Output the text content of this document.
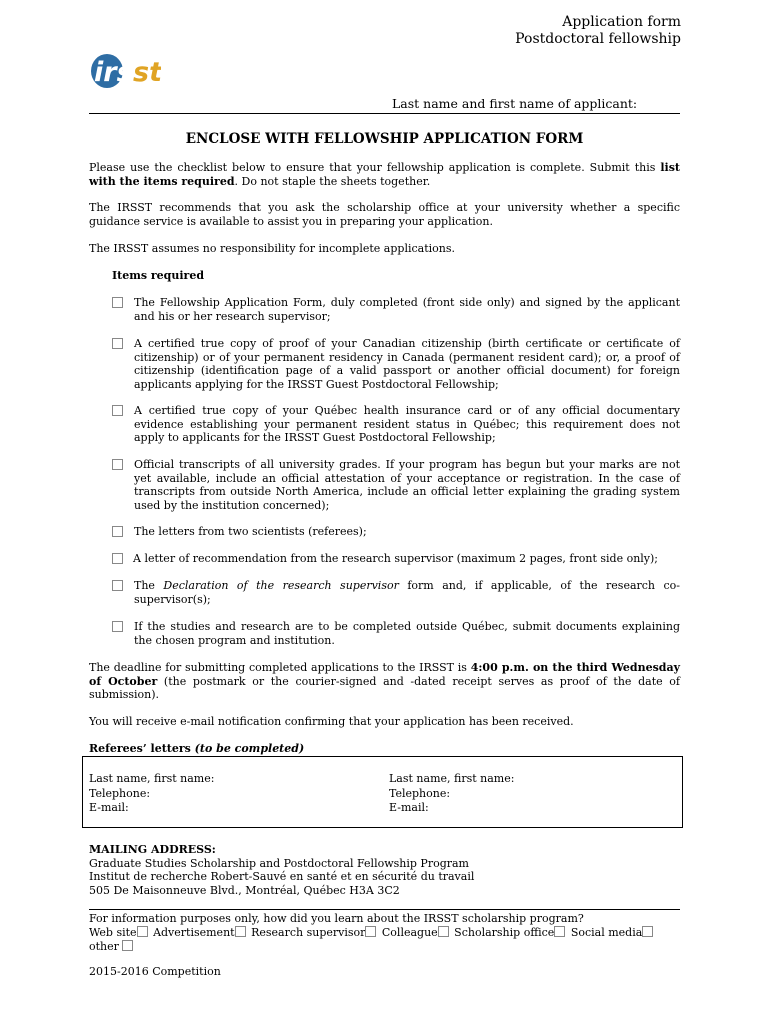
Application form
Postdoctoral fellowship
irs st
Last name and first name of applicant:
ENCLOSE WITH FELLOWSHIP APPLICATION FORM
Please use the checklist below to ensure that your fellowship application is complete. Submit this list with the items required. Do not staple the sheets together.
The IRSST recommends that you ask the scholarship office at your university whether a specific guidance service is available to assist you in preparing your application.
The IRSST assumes no responsibility for incomplete applications.
Items required
The Fellowship Application Form, duly completed (front side only) and signed by the applicant and his or her research supervisor;
A certified true copy of proof of your Canadian citizenship (birth certificate or certificate of citizenship) or of your permanent residency in Canada (permanent resident card); or, a proof of citizenship (identification page of a valid passport or another official document) for foreign applicants applying for the IRSST Guest Postdoctoral Fellowship;
A certified true copy of your Québec health insurance card or of any official documentary evidence establishing your permanent resident status in Québec; this requirement does not apply to applicants for the IRSST Guest Postdoctoral Fellowship;
Official transcripts of all university grades. If your program has begun but your marks are not yet available, include an official attestation of your acceptance or registration. In the case of transcripts from outside North America, include an official letter explaining the grading system used by the institution concerned);
The letters from two scientists (referees);
A letter of recommendation from the research supervisor (maximum 2 pages, front side only);
The Declaration of the research supervisor form and, if applicable, of the research co-supervisor(s);
If the studies and research are to be completed outside Québec, submit documents explaining the chosen program and institution.
The deadline for submitting completed applications to the IRSST is 4:00 p.m. on the third Wednesday of October (the postmark or the courier-signed and -dated receipt serves as proof of the date of submission).
You will receive e-mail notification confirming that your application has been received.
Referees’ letters (to be completed)
Last name, first name:
Telephone:
E-mail:
Last name, first name:
Telephone:
E-mail:
MAILING ADDRESS:
Graduate Studies Scholarship and Postdoctoral Fellowship Program
Institut de recherche Robert-Sauvé en santé et en sécurité du travail
505 De Maisonneuve Blvd., Montréal, Québec H3A 3C2
For information purposes only, how did you learn about the IRSST scholarship program?
Web site Advertisement Research supervisor Colleague Scholarship office Social media
other
2015-2016 Competition
